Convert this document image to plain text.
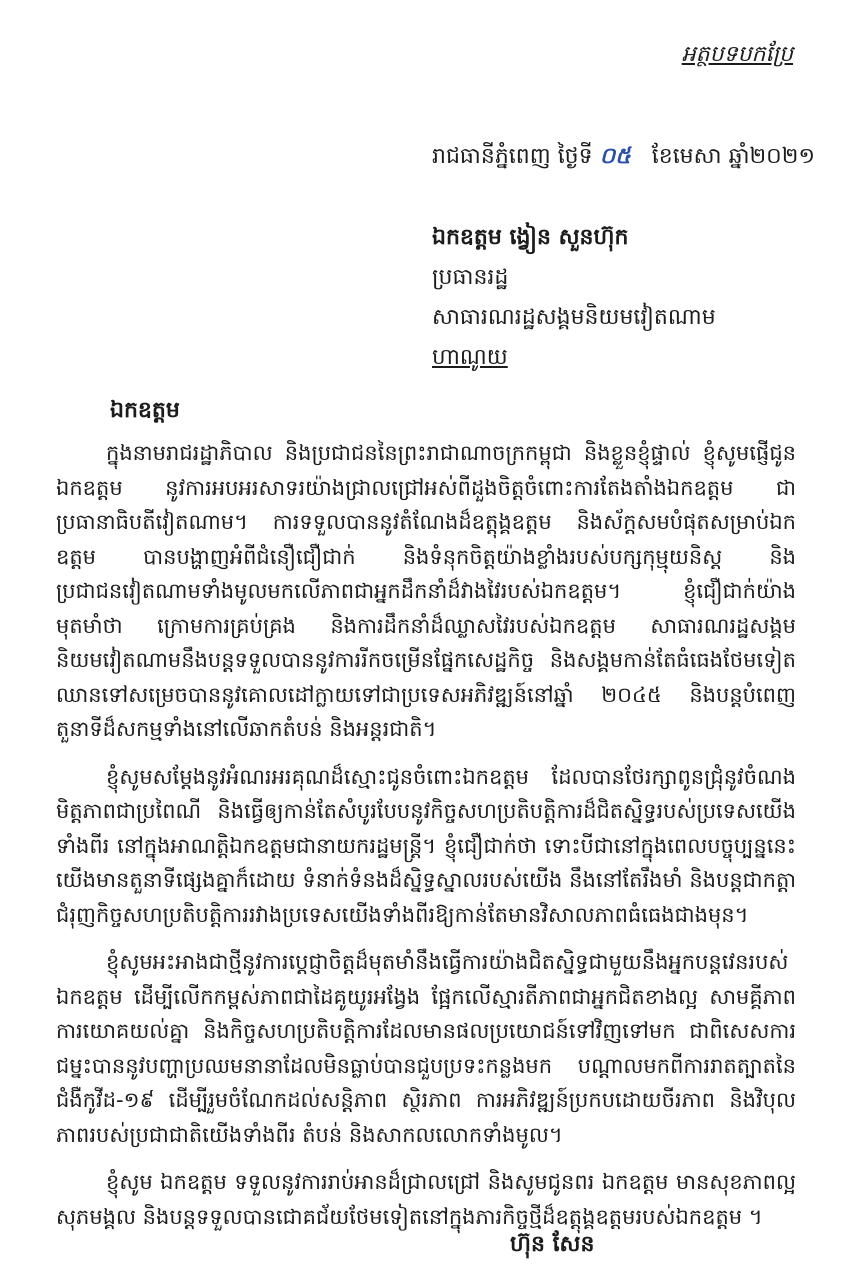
អត្ថបទបកប្រែ
រាជធានីភ្នំពេញ ថ្ងៃទី ០៥ ខែមេសា ឆ្នាំ២០២១
ឯកឧត្តម ង្វៀន សួនហ៊ុក
ប្រធានរដ្ឋ
សាធារណរដ្ឋសង្គមនិយមវៀតណាម
ហាណូយ
ឯកឧត្តម

ក្នុងនាមរាជរដ្ឋាភិបាល និងប្រជាជននៃព្រះរាជាណាចក្រកម្ពុជា និងខ្លួនខ្ញុំផ្ទាល់ ខ្ញុំសូមផ្ញើជូន ឯកឧត្តម នូវការអបអរសាទរយ៉ាងជ្រាលជ្រៅអស់ពីដួងចិត្តចំពោះការតែងតាំងឯកឧត្តម ជាប្រធានាធិបតីវៀតណាម។ ការទទួលបាននូវតំណែងដ៏ឧត្តុង្គឧត្តម និងស័ក្តសមបំផុតសម្រាប់ឯកឧត្តម បានបង្ហាញអំពីជំនឿជឿជាក់ និងទំនុកចិត្តយ៉ាងខ្លាំងរបស់បក្សកុម្មុយនិស្ត និងប្រជាជនវៀតណាមទាំងមូលមកលើភាពជាអ្នកដឹកនាំដ៏វាងវៃរបស់ឯកឧត្តម។ ខ្ញុំជឿជាក់យ៉ាងមុតមាំថា ក្រោមការគ្រប់គ្រង និងការដឹកនាំដ៏ឈ្លាសវៃរបស់ឯកឧត្តម សាធារណរដ្ឋសង្គមនិយមវៀតណាមនឹងបន្តទទួលបាននូវការរីកចម្រើនផ្នែកសេដ្ឋកិច្ច និងសង្គមកាន់តែធំធេងថែមទៀត ឈានទៅសម្រេចបាននូវគោលដៅក្លាយទៅជាប្រទេសអភិវឌ្ឍន៍នៅឆ្នាំ ២០៤៥ និងបន្តបំពេញតួនាទីដ៏សកម្មទាំងនៅលើឆាកតំបន់ និងអន្តរជាតិ។

ខ្ញុំសូមសម្តែងនូវអំណរអរគុណដ៏ស្មោះជូនចំពោះឯកឧត្តម ដែលបានថែរក្សាពូនជ្រុំនូវចំណងមិត្តភាពជាប្រពៃណី និងធ្វើឲ្យកាន់តែសំបូរបែបនូវកិច្ចសហប្រតិបត្តិការដ៏ជិតស្និទ្ធរបស់ប្រទេសយើងទាំងពីរ នៅក្នុងអាណត្តិឯកឧត្តមជានាយករដ្ឋមន្ត្រី។ ខ្ញុំជឿជាក់ថា ទោះបីជានៅក្នុងពេលបច្ចុប្បន្ននេះ យើងមានតួនាទីផ្សេងគ្នាក៏ដោយ ទំនាក់ទំនងដ៏ស្និទ្ធស្នាលរបស់យើង នឹងនៅតែរឹងមាំ និងបន្តជាកត្តាជំរុញកិច្ចសហប្រតិបត្តិការរវាងប្រទេសយើងទាំងពីរឱ្យកាន់តែមានវិសាលភាពធំធេងជាងមុន។

ខ្ញុំសូមអះអាងជាថ្មីនូវការប្តេជ្ញាចិត្តដ៏មុតមាំនឹងធ្វើការយ៉ាងជិតស្និទ្ធជាមួយនឹងអ្នកបន្តវេនរបស់ឯកឧត្តម ដើម្បីលើកកម្ពស់ភាពជាដៃគូយូរអង្វែង ផ្អែកលើស្មារតីភាពជាអ្នកជិតខាងល្អ សាមគ្គីភាព ការយោគយល់គ្នា និងកិច្ចសហប្រតិបត្តិការដែលមានផលប្រយោជន៍ទៅវិញទៅមក ជាពិសេសការជម្នះបាននូវបញ្ហាប្រឈមនានាដែលមិនធ្លាប់បានជួបប្រទះកន្លងមក បណ្តាលមកពីការរាតត្បាតនៃជំងឺកូវីដ-១៩ ដើម្បីរួមចំណែកដល់សន្តិភាព ស្ថិរភាព ការអភិវឌ្ឍន៍ប្រកបដោយចីរភាព និងវិបុលភាពរបស់ប្រជាជាតិយើងទាំងពីរ តំបន់ និងសាកលលោកទាំងមូល។

ខ្ញុំសូម ឯកឧត្តម ទទួលនូវការរាប់អានដ៏ជ្រាលជ្រៅ និងសូមជូនពរ ឯកឧត្តម មានសុខភាពល្អ សុភមង្គល និងបន្តទទួលបានជោគជ័យថែមទៀតនៅក្នុងភារកិច្ចថ្មីដ៏ឧត្តុង្គឧត្តមរបស់ឯកឧត្តម ។

ហ៊ុន សែន
